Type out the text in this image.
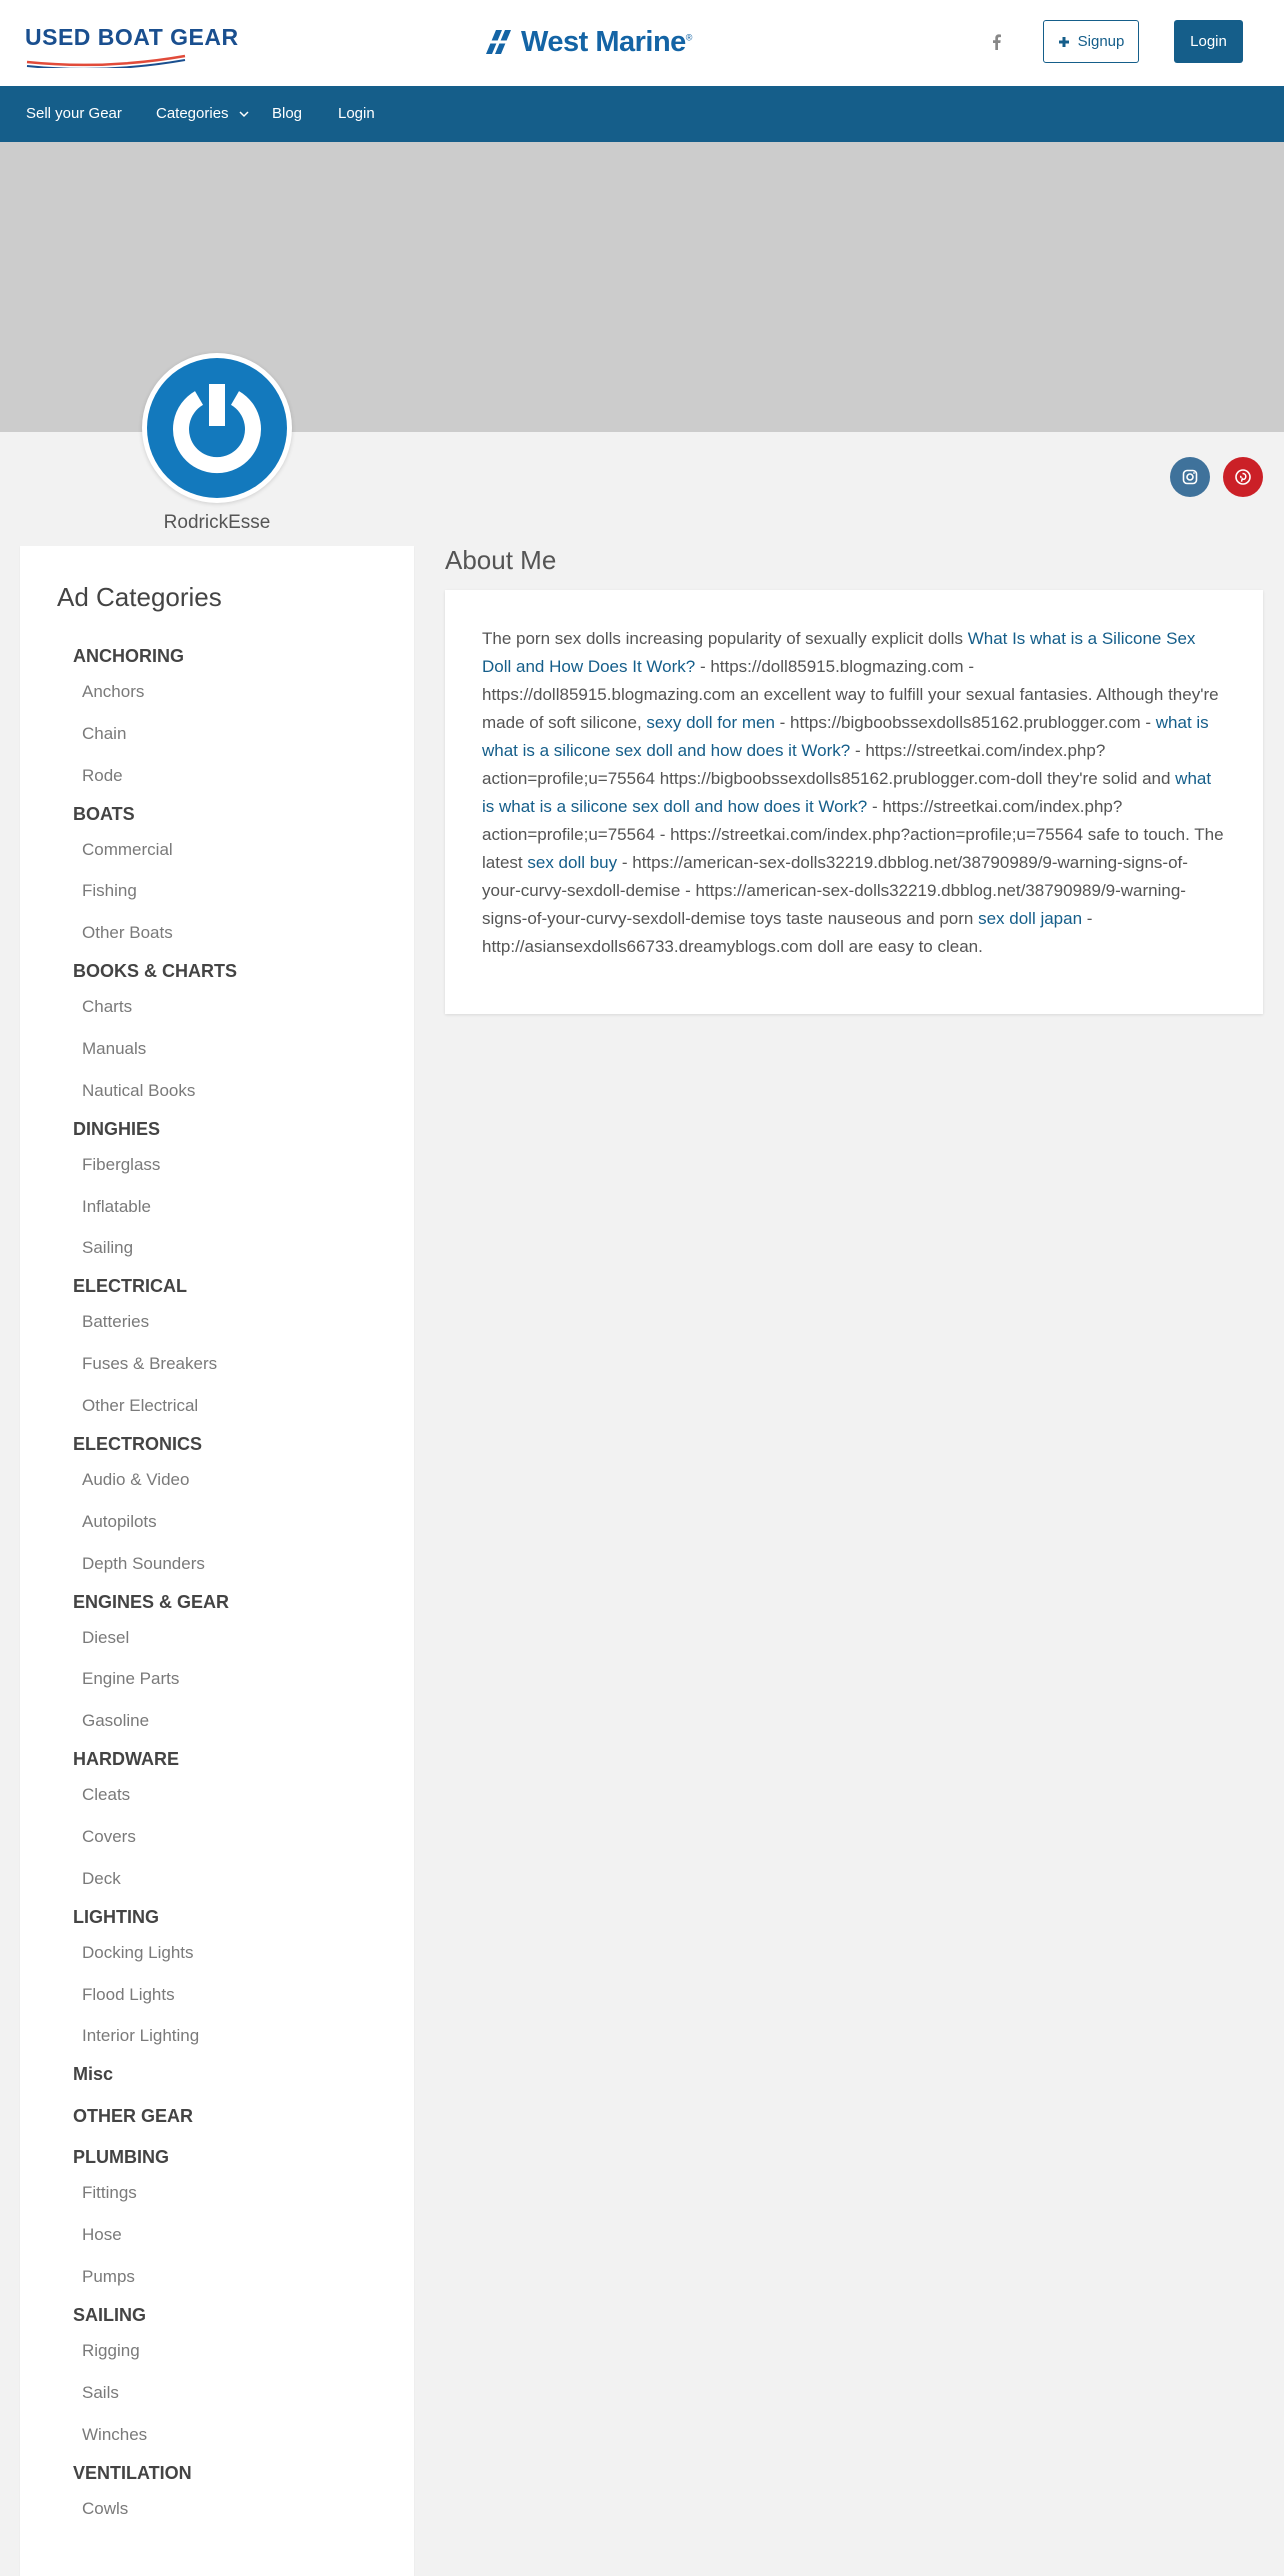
USED BOAT GEAR	West Marine®	Signup	Login
Sell your Gear Categories	Blog Login
RodrickEsse
Ad Categories
ANCHORING
Anchors
Chain
Rode
BOATS
Commercial
Fishing
Other Boats
BOOKS & CHARTS
Charts
Manuals
Nautical Books
DINGHIES
Fiberglass
Inflatable
Sailing
ELECTRICAL
Batteries
Fuses & Breakers
Other Electrical
ELECTRONICS
Audio & Video
Autopilots
Depth Sounders
ENGINES & GEAR
Diesel
Engine Parts
Gasoline
HARDWARE
Cleats
Covers
Deck
LIGHTING
Docking Lights
Flood Lights
Interior Lighting
Misc
OTHER GEAR
PLUMBING
Fittings
Hose
Pumps
SAILING
Rigging
Sails
Winches
VENTILATION
Cowls
About Me

The porn sex dolls increasing popularity of sexually explicit dolls What Is what is a Silicone Sex Doll and How Does It Work? - https://doll85915.blogmazing.com - https://doll85915.blogmazing.com an excellent way to fulfill your sexual fantasies. Although they're made of soft silicone, sexy doll for men - https://bigboobssexdolls85162.prublogger.com - what is what is a silicone sex doll and how does it Work? - https://streetkai.com/index.php?action=profile;u=75564 https://bigboobssexdolls85162.prublogger.com-doll they're solid and what is what is a silicone sex doll and how does it Work? - https://streetkai.com/index.php?action=profile;u=75564 - https://streetkai.com/index.php?action=profile;u=75564 safe to touch. The latest sex doll buy - https://american-sex-dolls32219.dbblog.net/38790989/9-warning-signs-of-your-curvy-sexdoll-demise - https://american-sex-dolls32219.dbblog.net/38790989/9-warning-signs-of-your-curvy-sexdoll-demise toys taste nauseous and porn sex doll japan - http://asiansexdolls66733.dreamyblogs.com doll are easy to clean.
